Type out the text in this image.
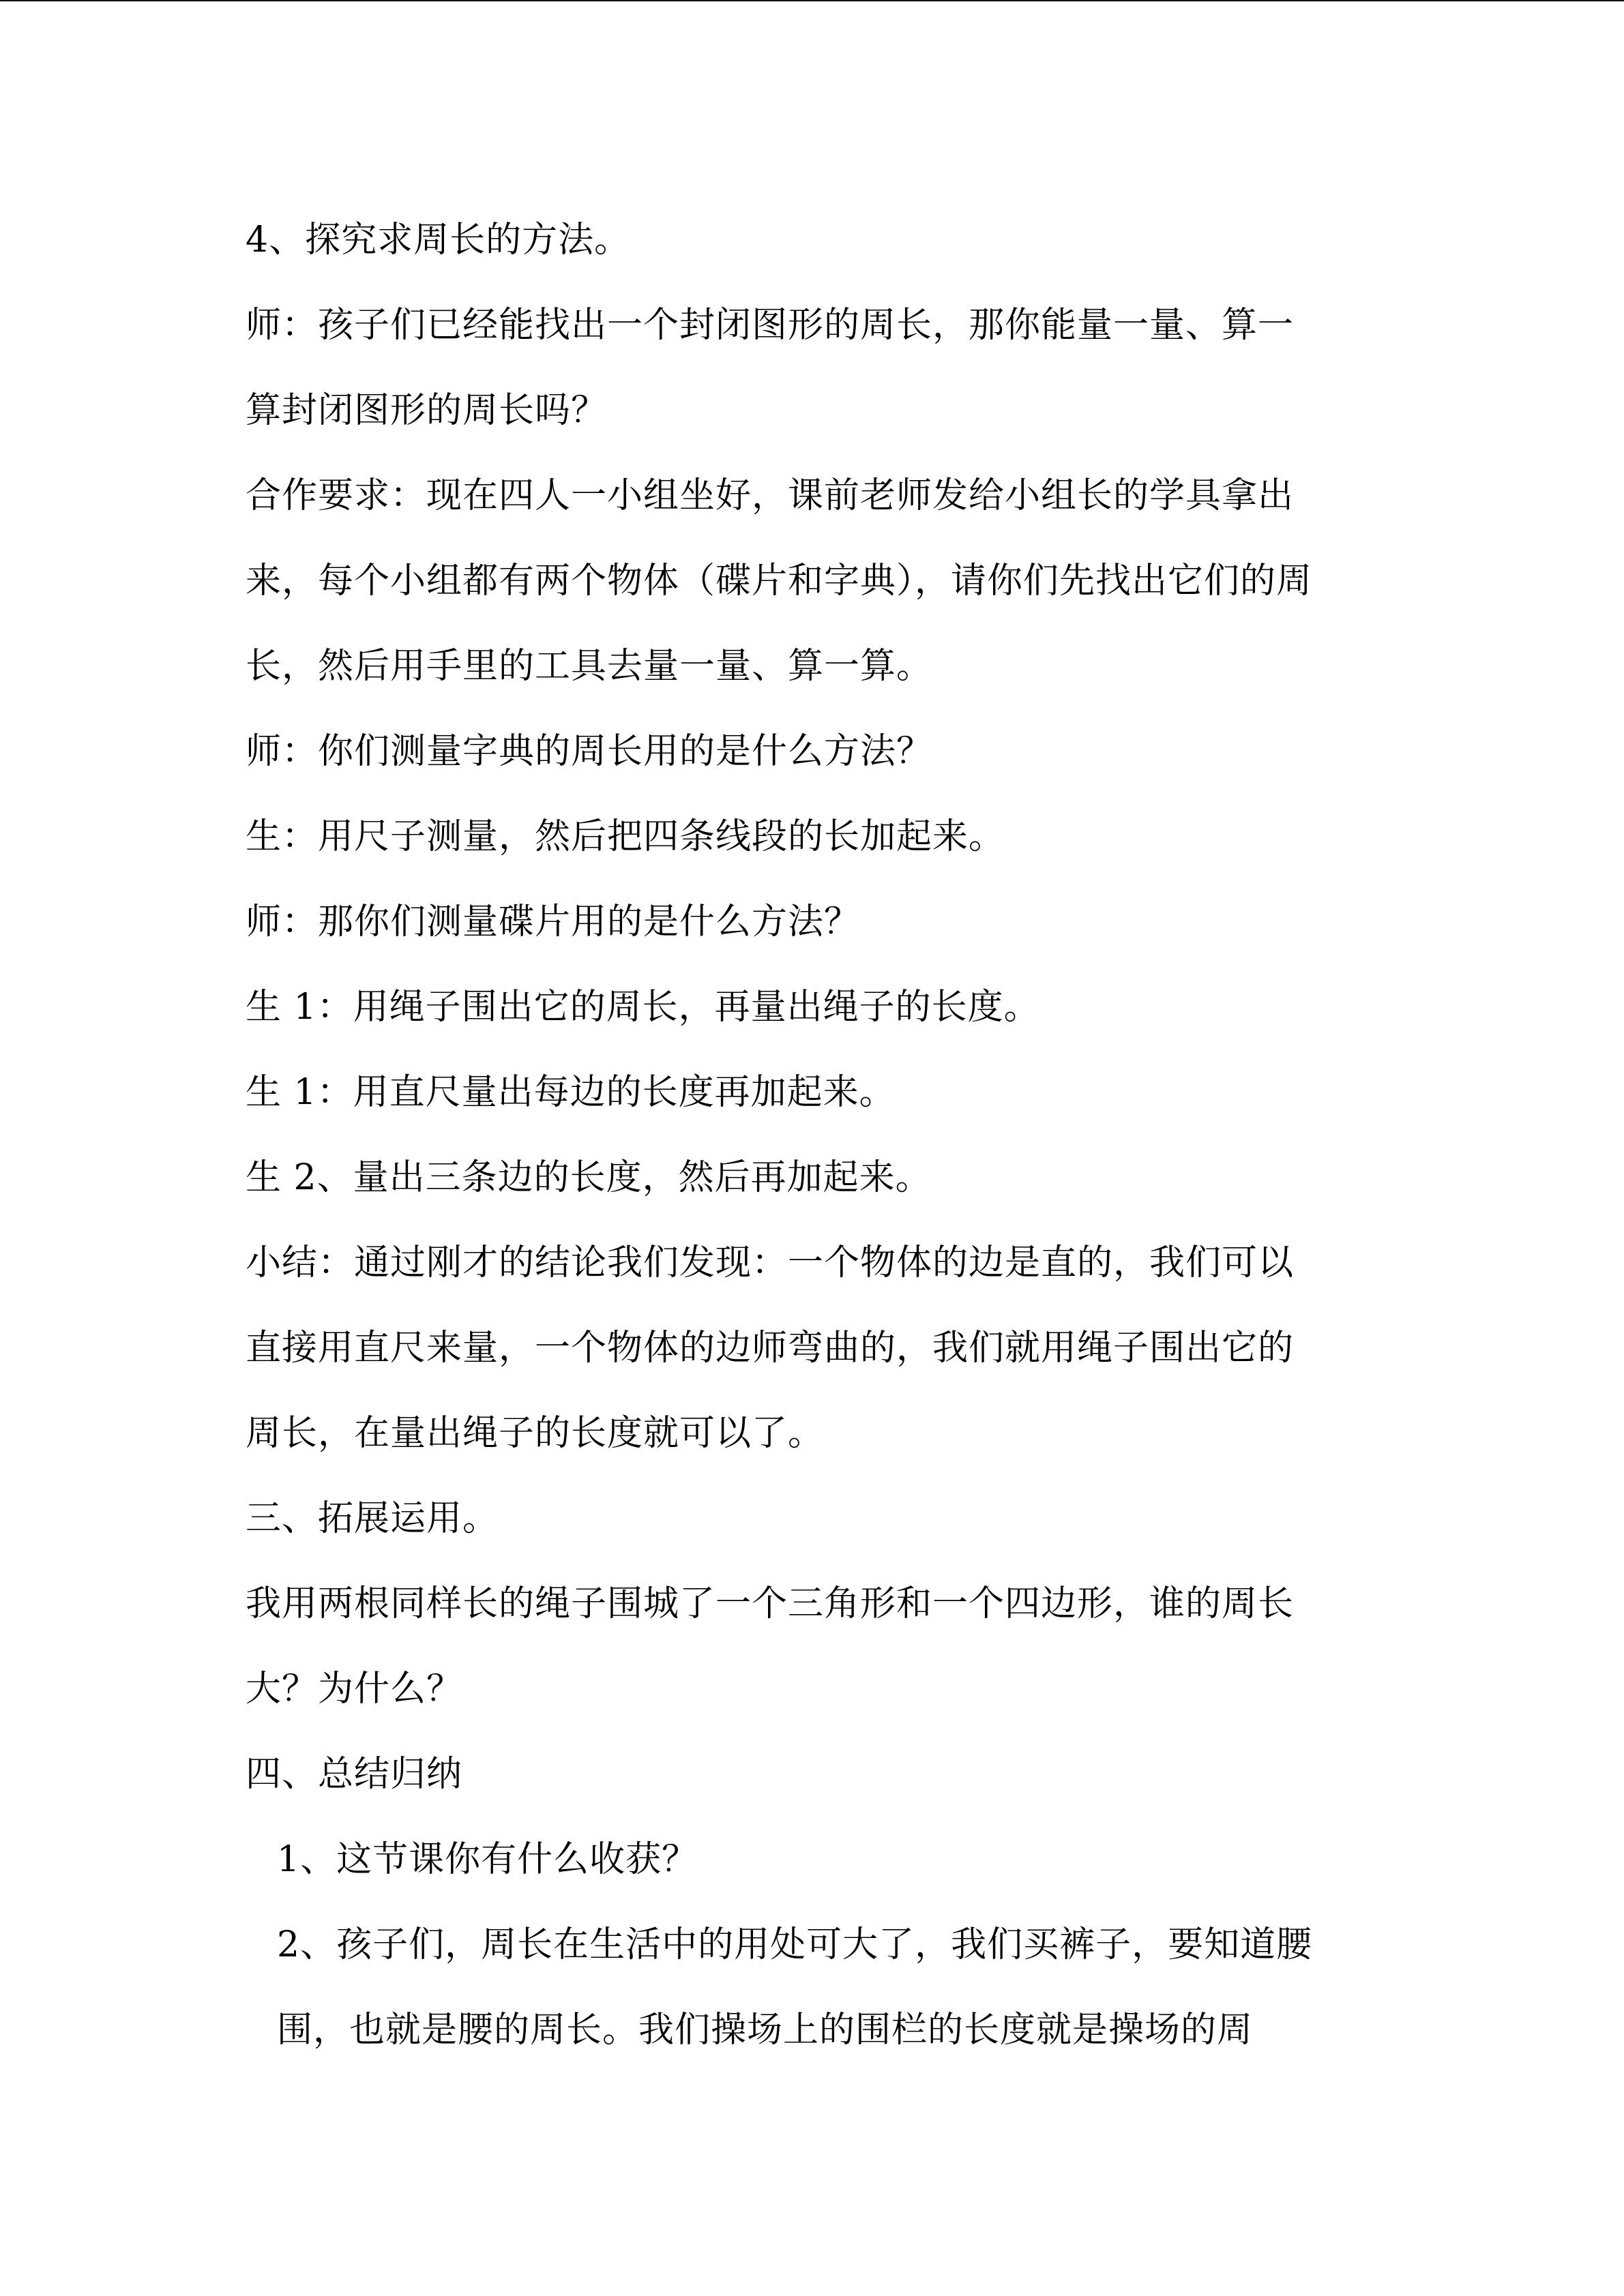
4、探究求周长的方法。
师：孩子们已经能找出一个封闭图形的周长，那你能量一量、算一
算封闭图形的周长吗？
合作要求：现在四人一小组坐好，课前老师发给小组长的学具拿出
来，每个小组都有两个物体（碟片和字典），请你们先找出它们的周
长，然后用手里的工具去量一量、算一算。
师：你们测量字典的周长用的是什么方法？
生：用尺子测量，然后把四条线段的长加起来。
师：那你们测量碟片用的是什么方法？
生 1：用绳子围出它的周长，再量出绳子的长度。
生 1：用直尺量出每边的长度再加起来。
生 2、量出三条边的长度，然后再加起来。
小结：通过刚才的结论我们发现：一个物体的边是直的，我们可以
直接用直尺来量，一个物体的边师弯曲的，我们就用绳子围出它的
周长，在量出绳子的长度就可以了。
三、拓展运用。
我用两根同样长的绳子围城了一个三角形和一个四边形，谁的周长
大？为什么？
四、总结归纳
1、这节课你有什么收获？
2、孩子们，周长在生活中的用处可大了，我们买裤子，要知道腰
围，也就是腰的周长。我们操场上的围栏的长度就是操场的周
